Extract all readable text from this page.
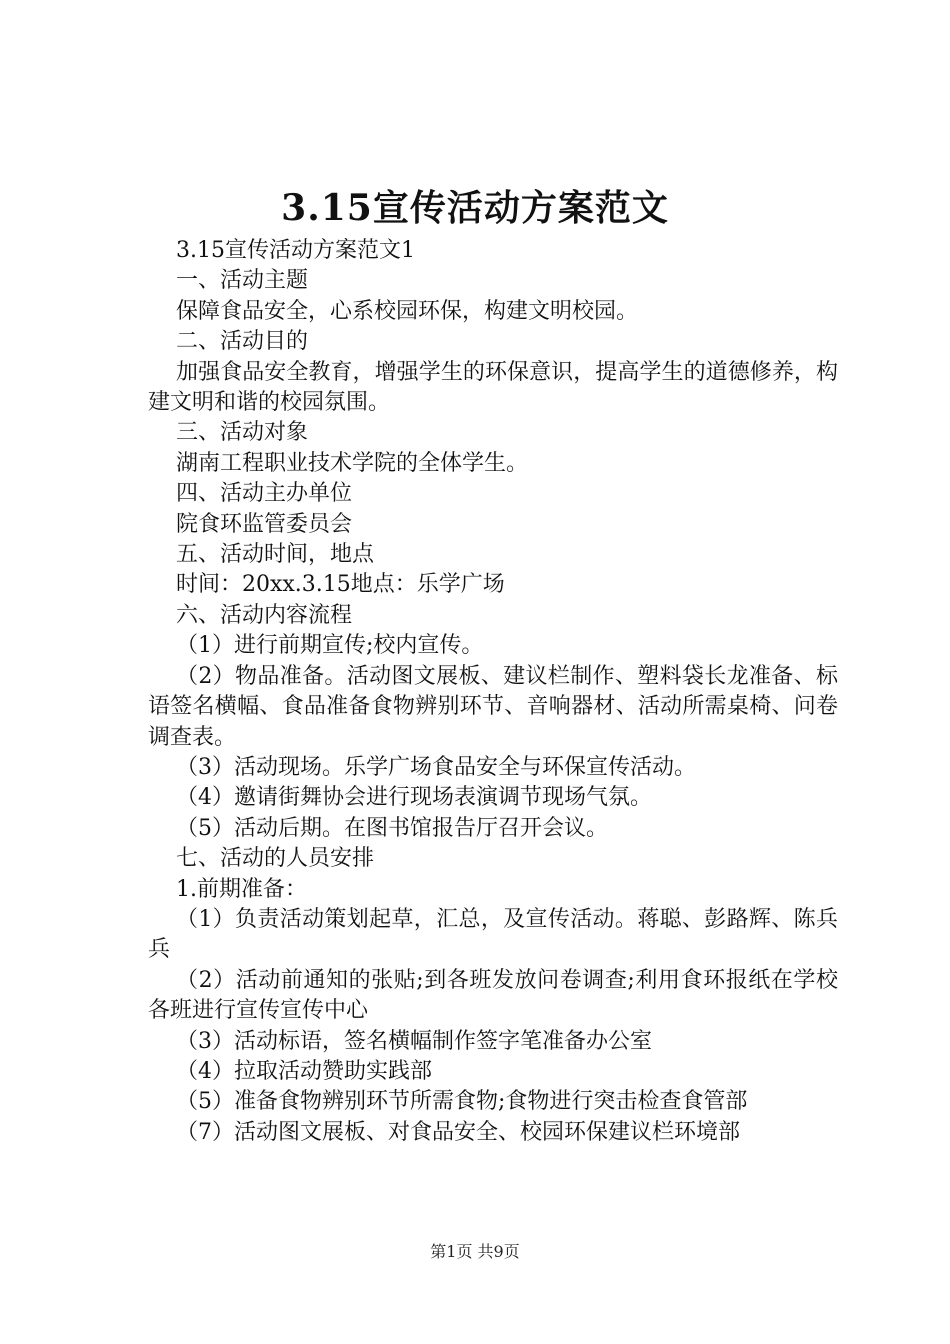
3.15宣传活动方案范文

3.15宣传活动方案范文1

一、活动主题

保障食品安全，心系校园环保，构建文明校园。

二、活动目的

加强食品安全教育，增强学生的环保意识，提高学生的道德修养，构建文明和谐的校园氛围。

三、活动对象

湖南工程职业技术学院的全体学生。

四、活动主办单位

院食环监管委员会

五、活动时间，地点

时间：20xx.3.15地点：乐学广场

六、活动内容流程

（1）进行前期宣传;校内宣传。

（2）物品准备。活动图文展板、建议栏制作、塑料袋长龙准备、标语签名横幅、食品准备食物辨别环节、音响器材、活动所需桌椅、问卷调查表。

（3）活动现场。乐学广场食品安全与环保宣传活动。

（4）邀请街舞协会进行现场表演调节现场气氛。

（5）活动后期。在图书馆报告厅召开会议。

七、活动的人员安排

1.前期准备：

（1）负责活动策划起草，汇总，及宣传活动。蒋聪、彭路辉、陈兵兵

（2）活动前通知的张贴;到各班发放问卷调查;利用食环报纸在学校各班进行宣传宣传中心

（3）活动标语，签名横幅制作签字笔准备办公室

（4）拉取活动赞助实践部

（5）准备食物辨别环节所需食物;食物进行突击检查食管部

（7）活动图文展板、对食品安全、校园环保建议栏环境部

第1页 共9页
